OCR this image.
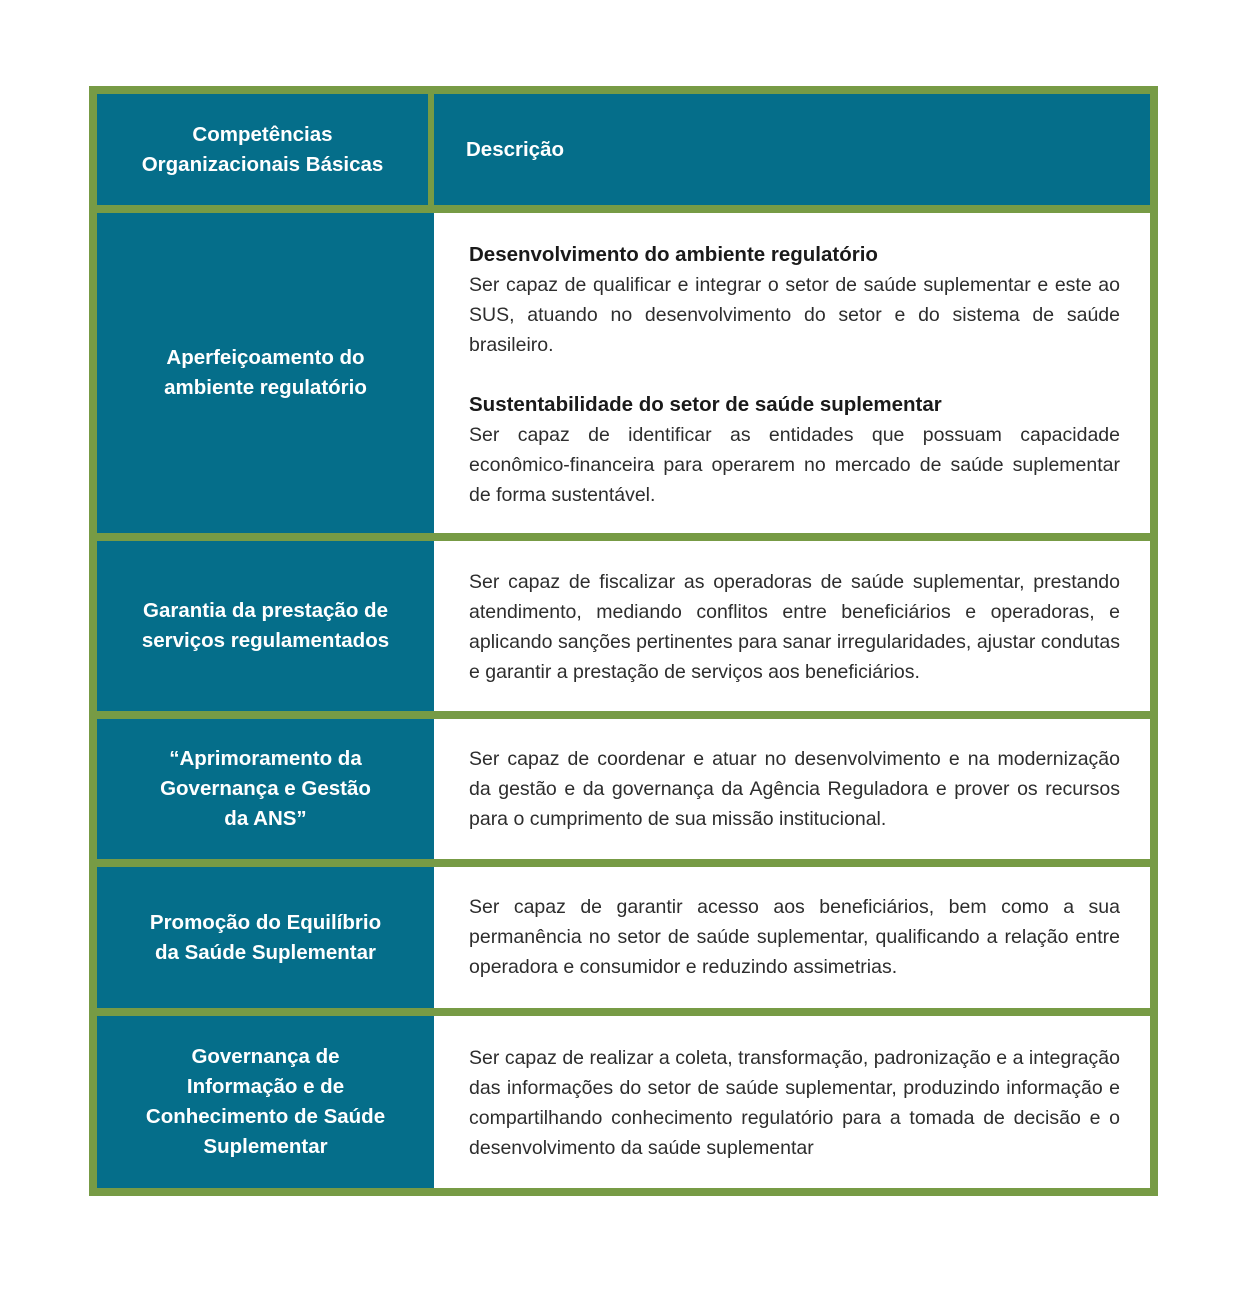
Competências
Organizacionais Básicas
Descrição
Aperfeiçoamento do
ambiente regulatório
Desenvolvimento do ambiente regulatório
Ser capaz de qualificar e integrar o setor de saúde suplementar e este ao SUS, atuando no desenvolvimento do setor e do sistema de saúde brasileiro.
Sustentabilidade do setor de saúde suplementar
Ser capaz de identificar as entidades que possuam capacidade econômico-financeira para operarem no mercado de saúde suplementar de forma sustentável.
Garantia da prestação de
serviços regulamentados
Ser capaz de fiscalizar as operadoras de saúde suplementar, prestando atendimento, mediando conflitos entre beneficiários e operadoras, e aplicando sanções pertinentes para sanar irregularidades, ajustar condutas e garantir a prestação de serviços aos beneficiários.
“Aprimoramento da
Governança e Gestão
da ANS”
Ser capaz de coordenar e atuar no desenvolvimento e na modernização da gestão e da governança da Agência Reguladora e prover os recursos para o cumprimento de sua missão institucional.
Promoção do Equilíbrio
da Saúde Suplementar
Ser capaz de garantir acesso aos beneficiários, bem como a sua permanência no setor de saúde suplementar, qualificando a relação entre operadora e consumidor e reduzindo assimetrias.
Governança de
Informação e de
Conhecimento de Saúde
Suplementar
Ser capaz de realizar a coleta, transformação, padronização e a integração das informações do setor de saúde suplementar, produzindo informação e compartilhando conhecimento regulatório para a tomada de decisão e o desenvolvimento da saúde suplementar
